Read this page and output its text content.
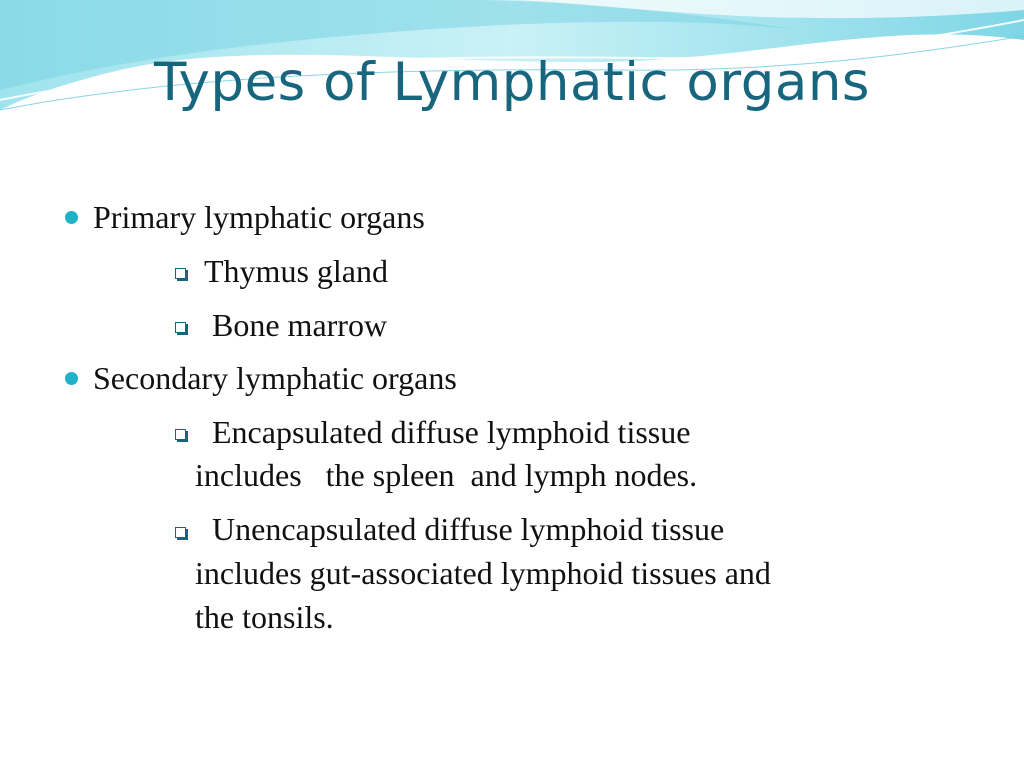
Types of Lymphatic organs
Primary lymphatic organs
Thymus gland
Bone marrow
Secondary lymphatic organs
Encapsulated diffuse lymphoid tissue
includes   the spleen  and lymph nodes.
Unencapsulated diffuse lymphoid tissue
includes gut-associated lymphoid tissues and
the tonsils.
